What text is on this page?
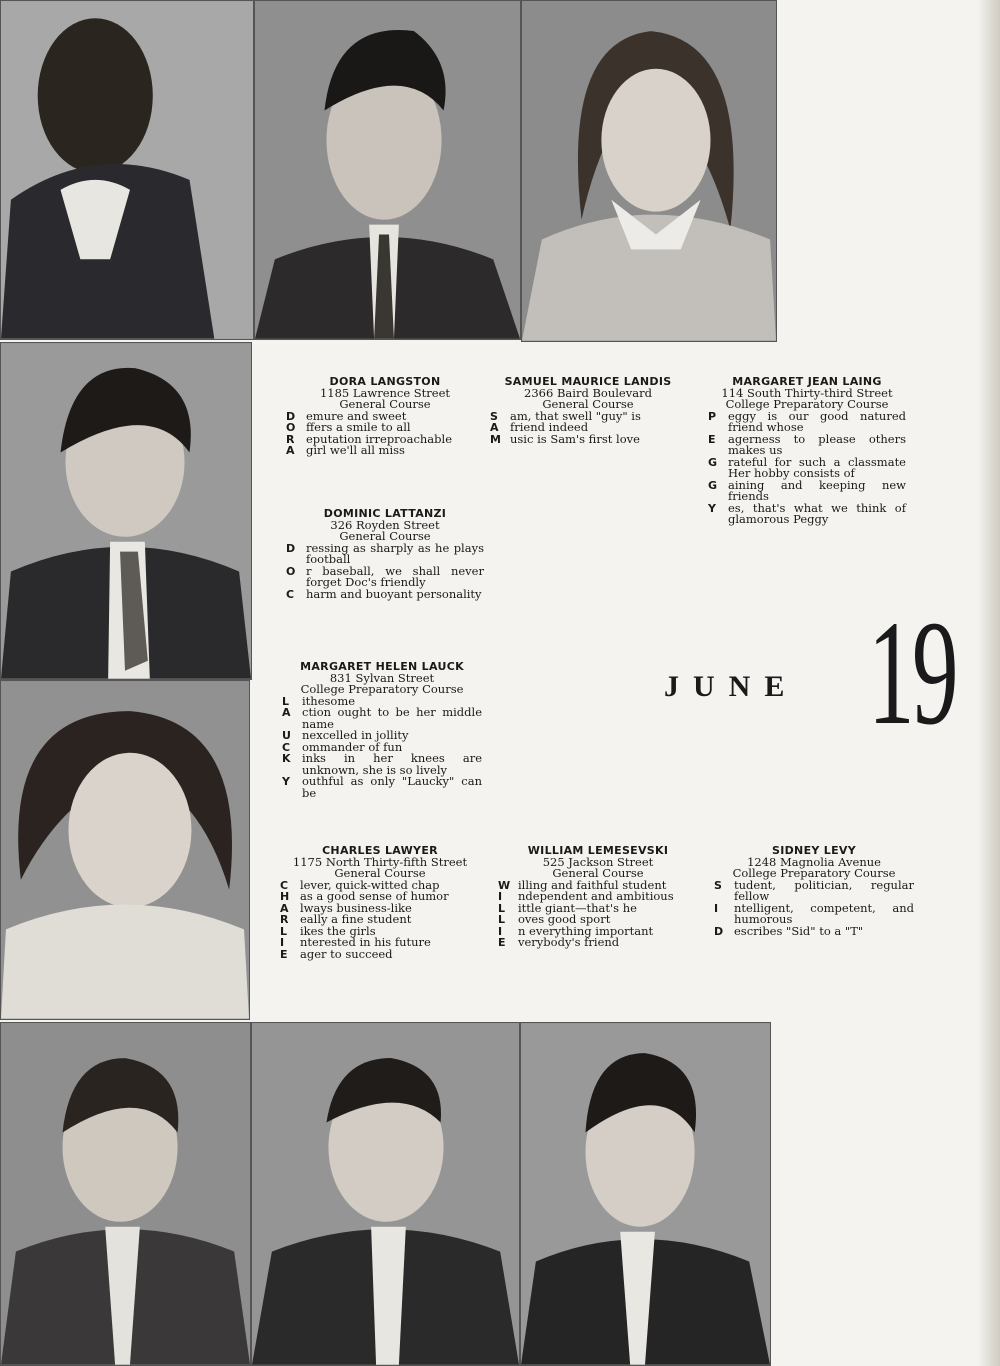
DORA LANGSTON
1185 Lawrence Street
General Course
D emure and sweet
O ffers a smile to all
R	eputation irreproachable
A girl we'll all miss
SAMUEL MAURICE LANDIS
2366 Baird Boulevard
General Course
S	am, that swell "guy" is
A friend indeed
M usic is Sam's first love
MARGARET JEAN LAING
114 South Thirty-third Street
College Preparatory Course
P	eggy is our good natured friend whose
E	agerness to please others makes us
G rateful for such a classmate Her hobby consists of
G aining and keeping new friends
Y	es, that's what we think of glamorous Peggy
DOMINIC LATTANZI
326 Royden Street
General Course
D ressing as sharply as he plays football
O r baseball, we shall never forget Doc's friendly
C	harm and buoyant personality
MARGARET HELEN LAUCK
831 Sylvan Street
College Preparatory Course
L	ithesome
A ction ought to be her middle name
U nexcelled in jollity
C	ommander of fun
K inks in her knees are unknown, she is so lively
Y	outhful as only "Laucky" can be
JUNE 19
CHARLES LAWYER
1175 North Thirty-fifth Street
General Course
C	lever, quick-witted chap
H as a good sense of humor
A lways business-like
R	eally a fine student
L	ikes the girls
I	nterested in his future
E	ager to succeed
WILLIAM LEMESEVSKI
525 Jackson Street
General Course
W illing and faithful student
I	ndependent and ambitious
L	ittle giant—that's he
L	oves good sport
I	n everything important
E	verybody's friend
SIDNEY LEVY
1248 Magnolia Avenue
College Preparatory Course
S	tudent, politician, regular fellow
I	ntelligent, competent, and humorous
D escribes "Sid" to a "T"
